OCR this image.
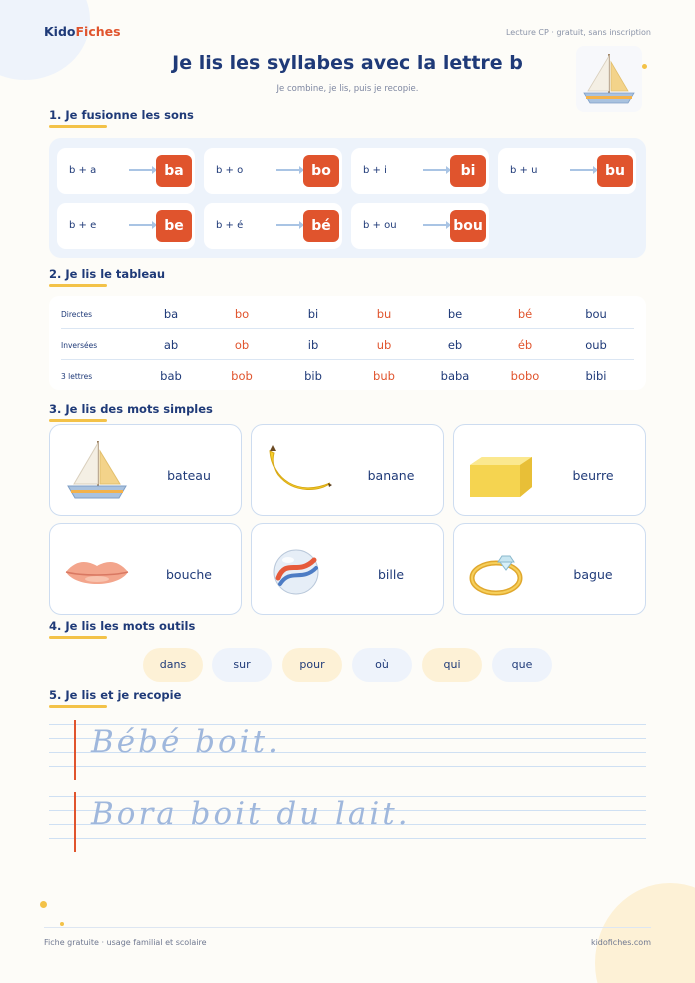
KidoFiches	Lecture CP · gratuit, sans inscription
Je lis les syllabes avec la lettre b
Je combine, je lis, puis je recopie.
1. Je fusionne les sons
b + a	ba	b + o	bo	b + i	bi	b + u	bu
b + e	be	b + é	bé	b + ou	bou
2. Je lis le tableau
Directes	ba	bo	bi	bu	be	bé	bou
Inversées	ab	ob	ib	ub	eb	éb	oub
3 lettres	bab	bob	bib	bub	baba	bobo	bibi
3. Je lis des mots simples
bateau	banane	beurre
bouche	bille	bague
4. Je lis les mots outils
dans	sur	pour	où	qui	que
5. Je lis et je recopie
Bébé boit.
Bora boit du lait.
Fiche gratuite · usage familial et scolaire	kidofiches.com
